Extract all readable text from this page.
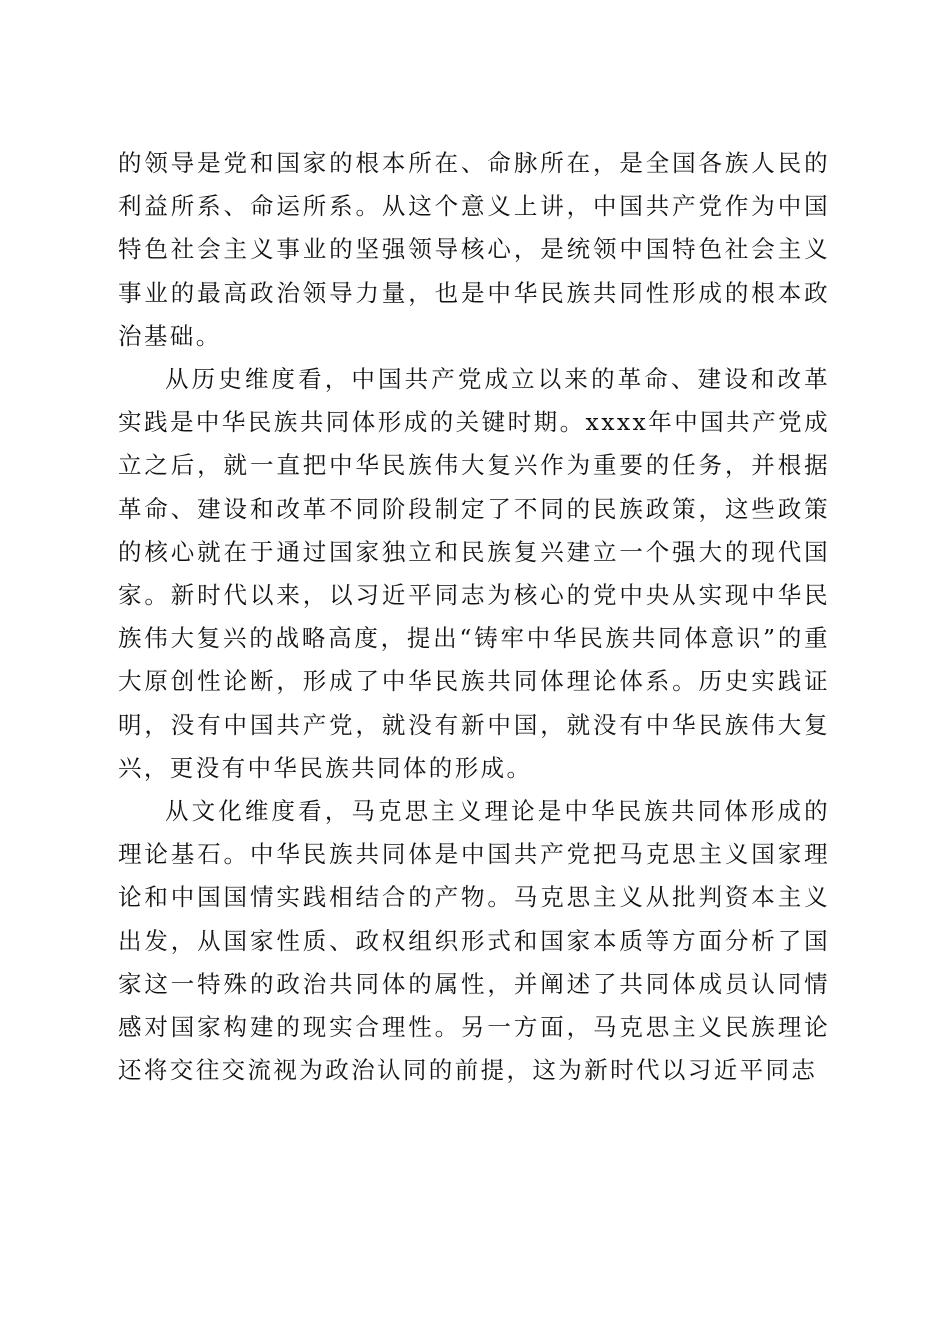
的领导是党和国家的根本所在、命脉所在，是全国各族人民的利益所系、命运所系。从这个意义上讲，中国共产党作为中国特色社会主义事业的坚强领导核心，是统领中国特色社会主义事业的最高政治领导力量，也是中华民族共同性形成的根本政治基础。

从历史维度看，中国共产党成立以来的革命、建设和改革实践是中华民族共同体形成的关键时期。xxxx年中国共产党成立之后，就一直把中华民族伟大复兴作为重要的任务，并根据革命、建设和改革不同阶段制定了不同的民族政策，这些政策的核心就在于通过国家独立和民族复兴建立一个强大的现代国家。新时代以来，以习近平同志为核心的党中央从实现中华民族伟大复兴的战略高度，提出“铸牢中华民族共同体意识”的重大原创性论断，形成了中华民族共同体理论体系。历史实践证明，没有中国共产党，就没有新中国，就没有中华民族伟大复兴，更没有中华民族共同体的形成。

从文化维度看，马克思主义理论是中华民族共同体形成的理论基石。中华民族共同体是中国共产党把马克思主义国家理论和中国国情实践相结合的产物。马克思主义从批判资本主义出发，从国家性质、政权组织形式和国家本质等方面分析了国家这一特殊的政治共同体的属性，并阐述了共同体成员认同情感对国家构建的现实合理性。另一方面，马克思主义民族理论还将交往交流视为政治认同的前提，这为新时代以习近平同志
